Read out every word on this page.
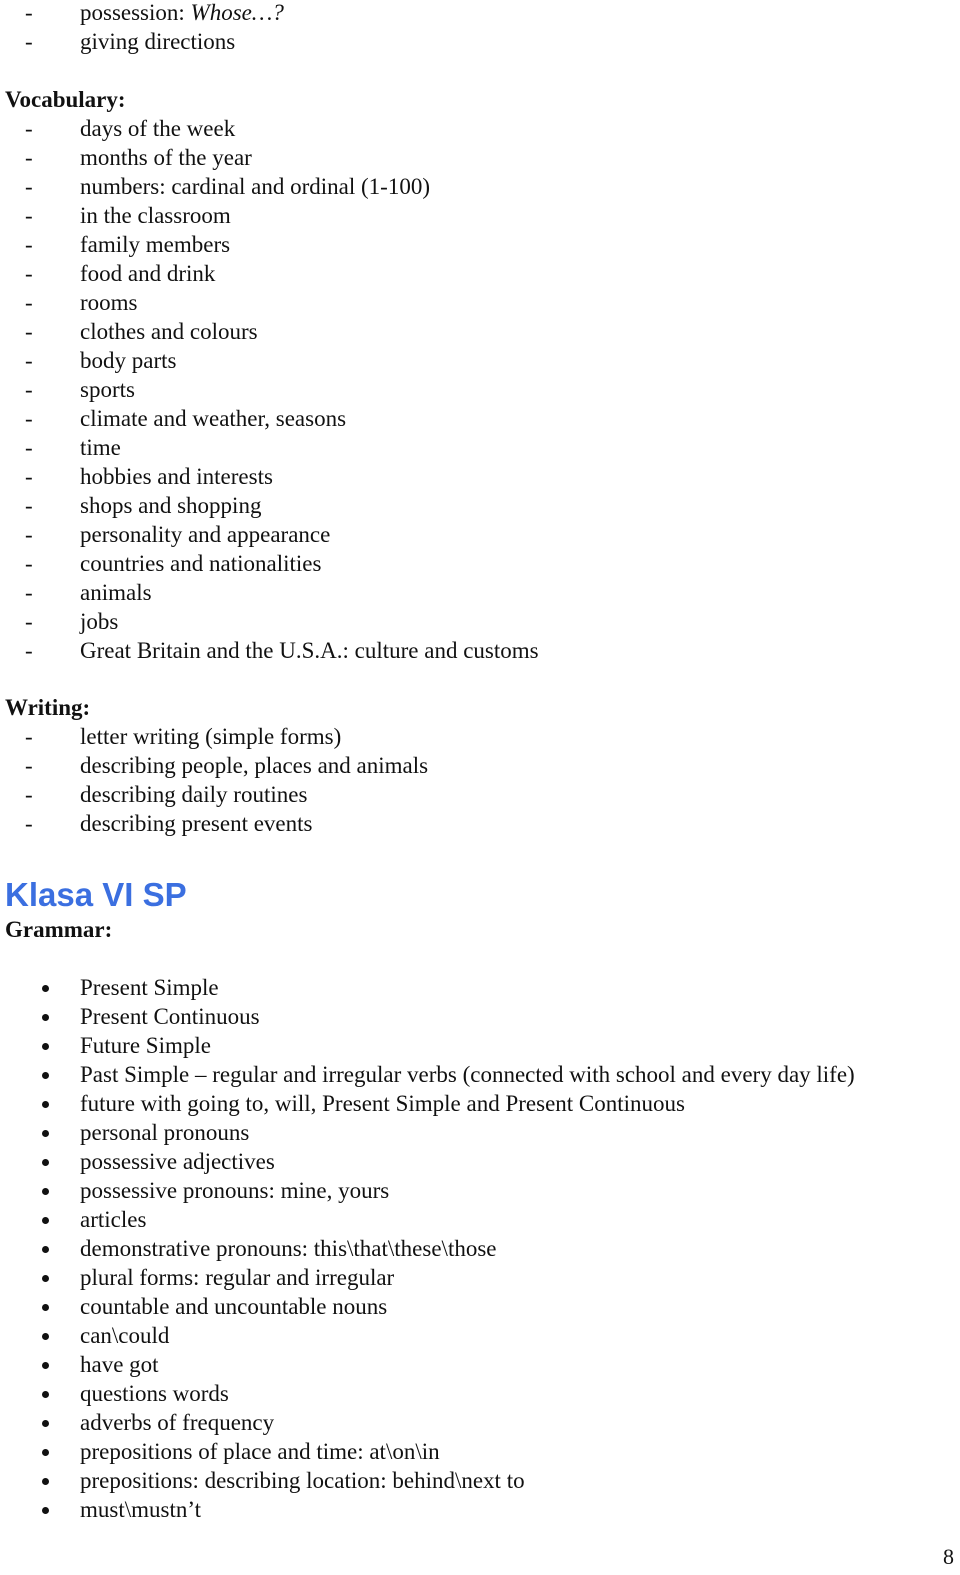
- possession: Whose…?
- giving directions
Vocabulary:
- days of the week
- months of the year
- numbers: cardinal and ordinal (1-100)
- in the classroom
- family members
- food and drink
- rooms
- clothes and colours
- body parts
- sports
- climate and weather, seasons
- time
- hobbies and interests
- shops and shopping
- personality and appearance
- countries and nationalities
- animals
- jobs
- Great Britain and the U.S.A.: culture and customs
Writing:
- letter writing (simple forms)
- describing people, places and animals
- describing daily routines
- describing present events
Klasa VI SP
Grammar:
Present Simple
Present Continuous
Future Simple
Past Simple – regular and irregular verbs (connected with school and every day life)
future with going to, will, Present Simple and Present Continuous
personal pronouns
possessive adjectives
possessive pronouns: mine, yours
articles
demonstrative pronouns: this\that\these\those
plural forms: regular and irregular
countable and uncountable nouns
can\could
have got
questions words
adverbs of frequency
prepositions of place and time: at\on\in
prepositions: describing location: behind\next to
must\mustn’t
8
